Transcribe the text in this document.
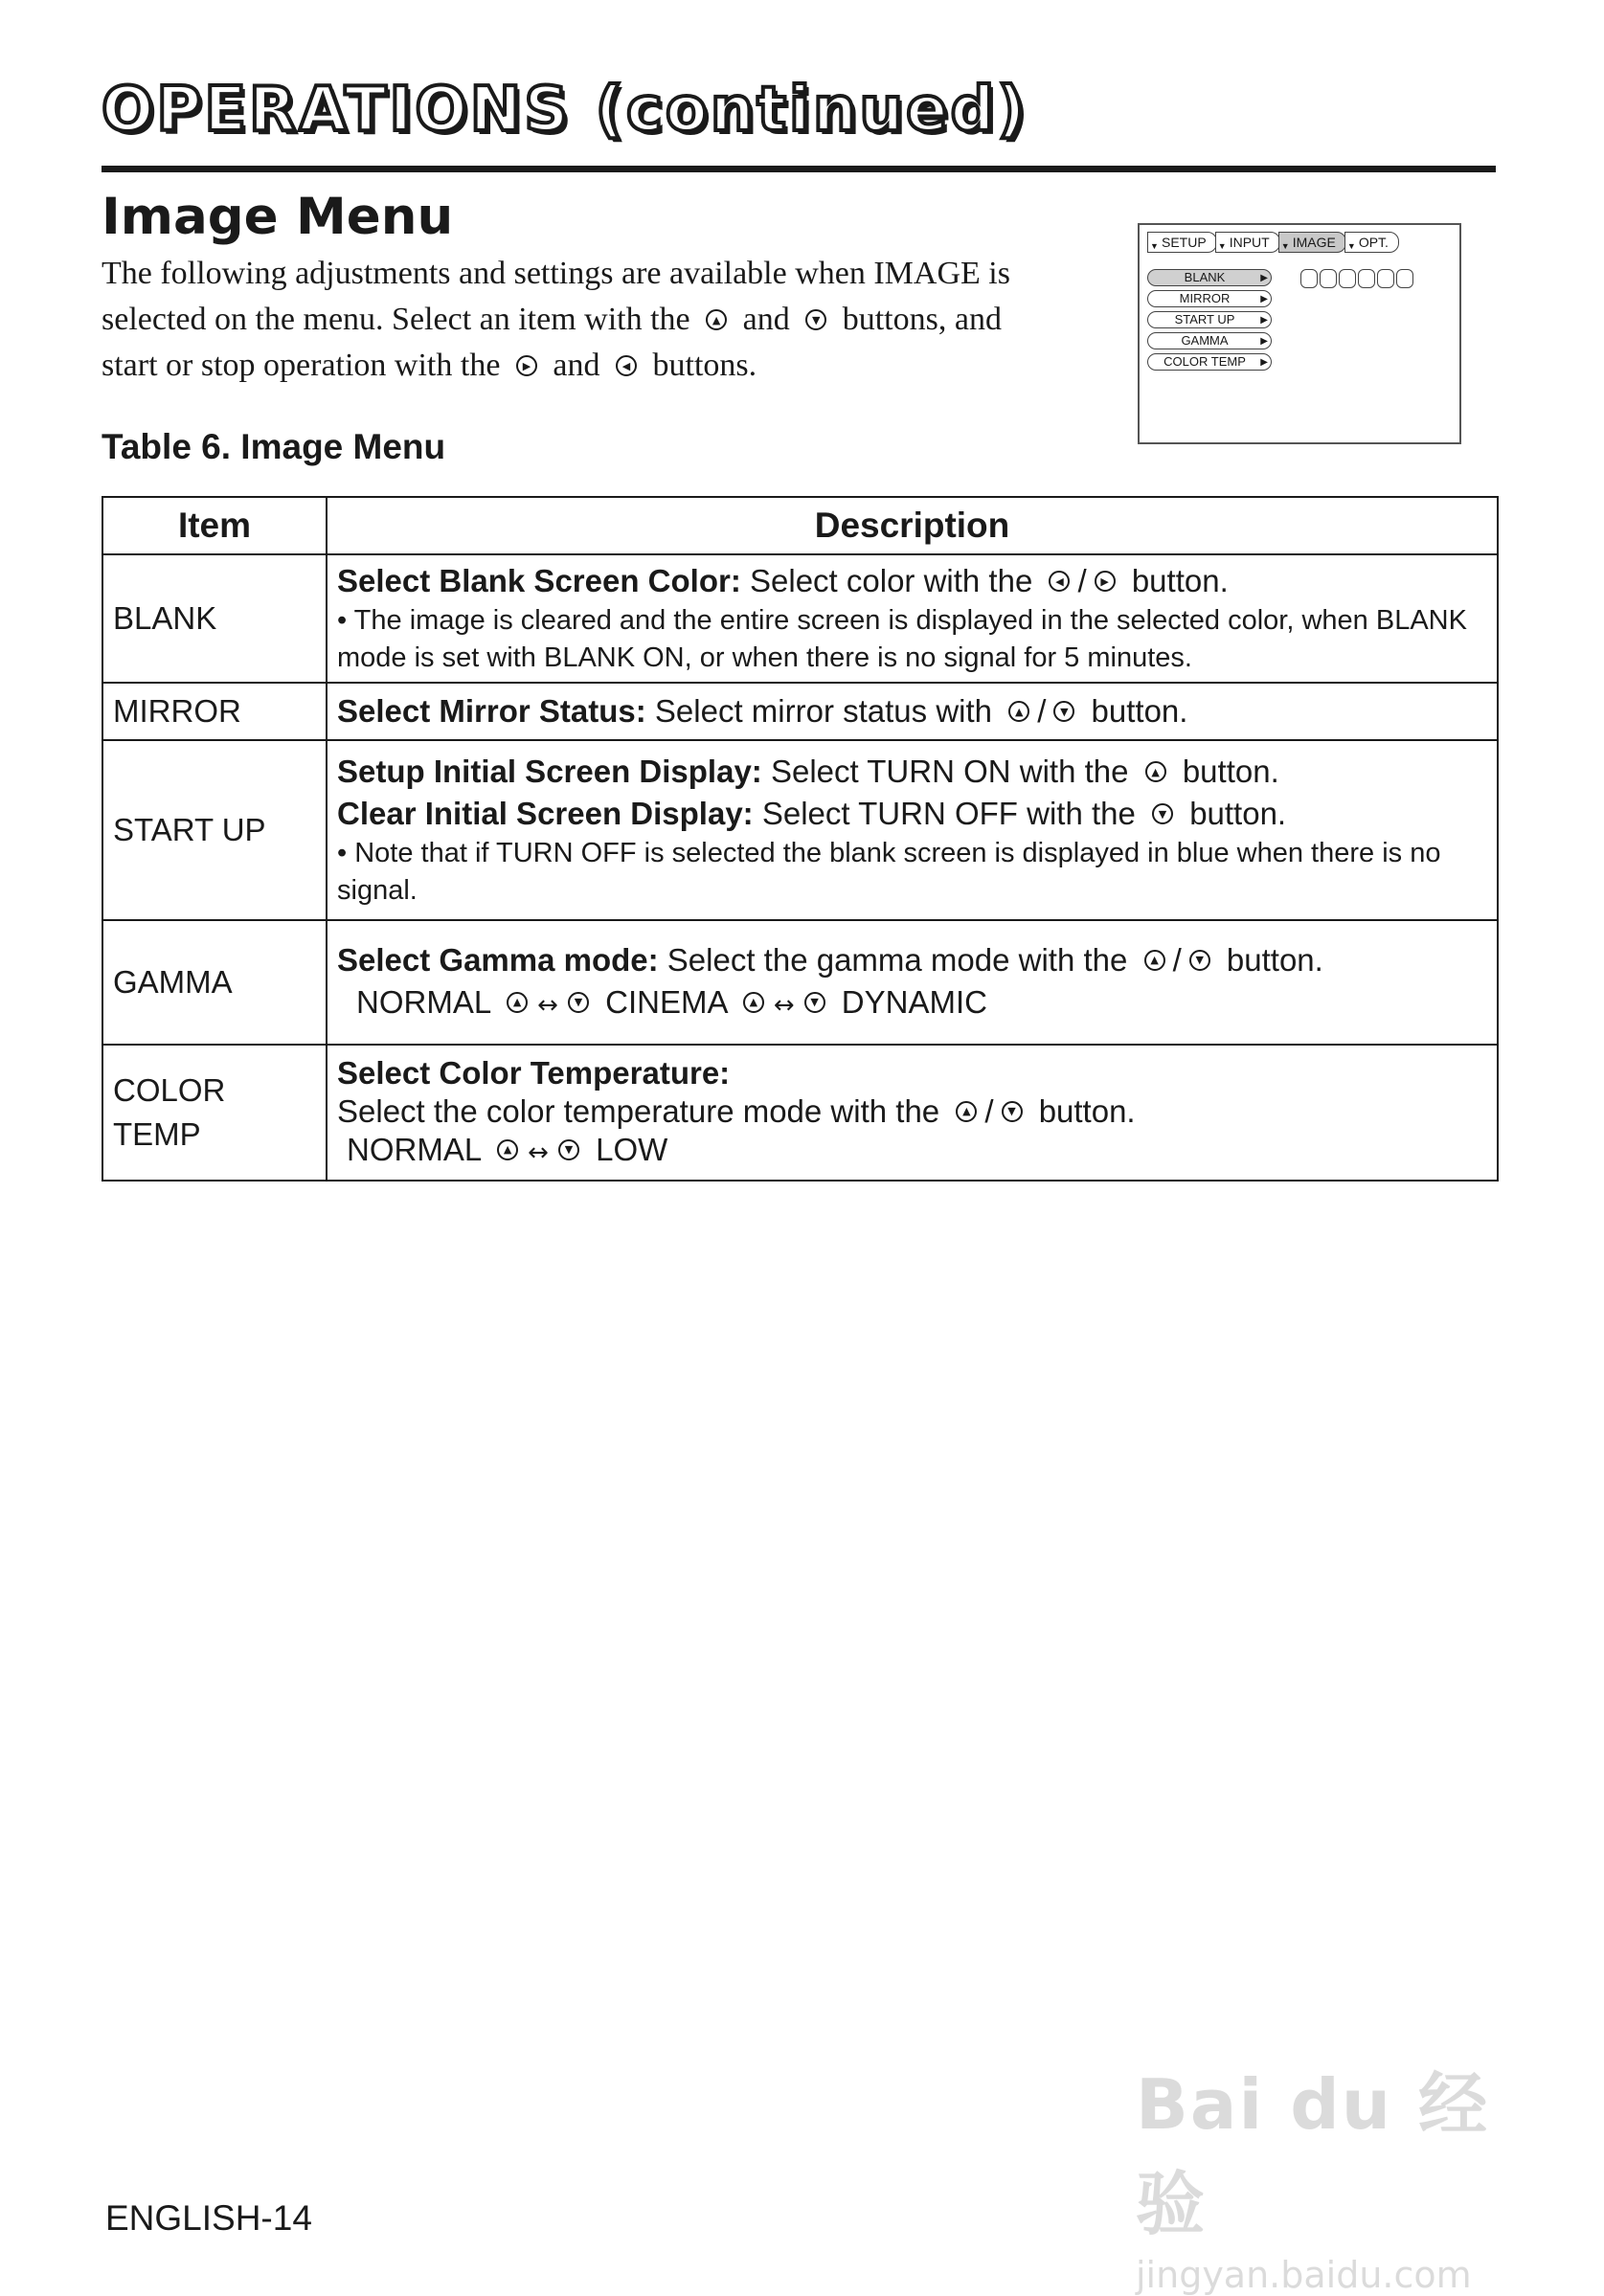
OPERATIONS (continued)
Image Menu
The following adjustments and settings are available when IMAGE is
selected on the menu. Select an item with the ▲ and ▼ buttons, and
start or stop operation with the ▶ and ◀ buttons.
▼ SETUP	▼ INPUT	▼ IMAGE	▼ OPT.
BLANK	▶
MIRROR	▶
START UP	▶
GAMMA	▶
COLOR TEMP ▶
Table 6. Image Menu
Item	Description
BLANK	Select Blank Screen Color: Select color with the ◀ / ▶ button.
• The image is cleared and the entire screen is displayed in the selected color, when BLANK mode is set with BLANK ON, or when there is no signal for 5 minutes.

MIRROR	Select Mirror Status: Select mirror status with ▲ / ▼ button.

START UP	Setup Initial Screen Display: Select TURN ON with the ▲ button.
Clear Initial Screen Display: Select TURN OFF with the ▼ button.
• Note that if TURN OFF is selected the blank screen is displayed in blue when there is no signal.

GAMMA	Select Gamma mode: Select the gamma mode with the ▲ / ▼ button.
NORMAL ▲ ↔ ▼ CINEMA ▲ ↔ ▼ DYNAMIC

COLOR TEMP	Select Color Temperature:
Select the color temperature mode with the ▲ / ▼ button.
NORMAL ▲ ↔ ▼ LOW
Bai du 经验
jingyan.baidu.com
ENGLISH-14
